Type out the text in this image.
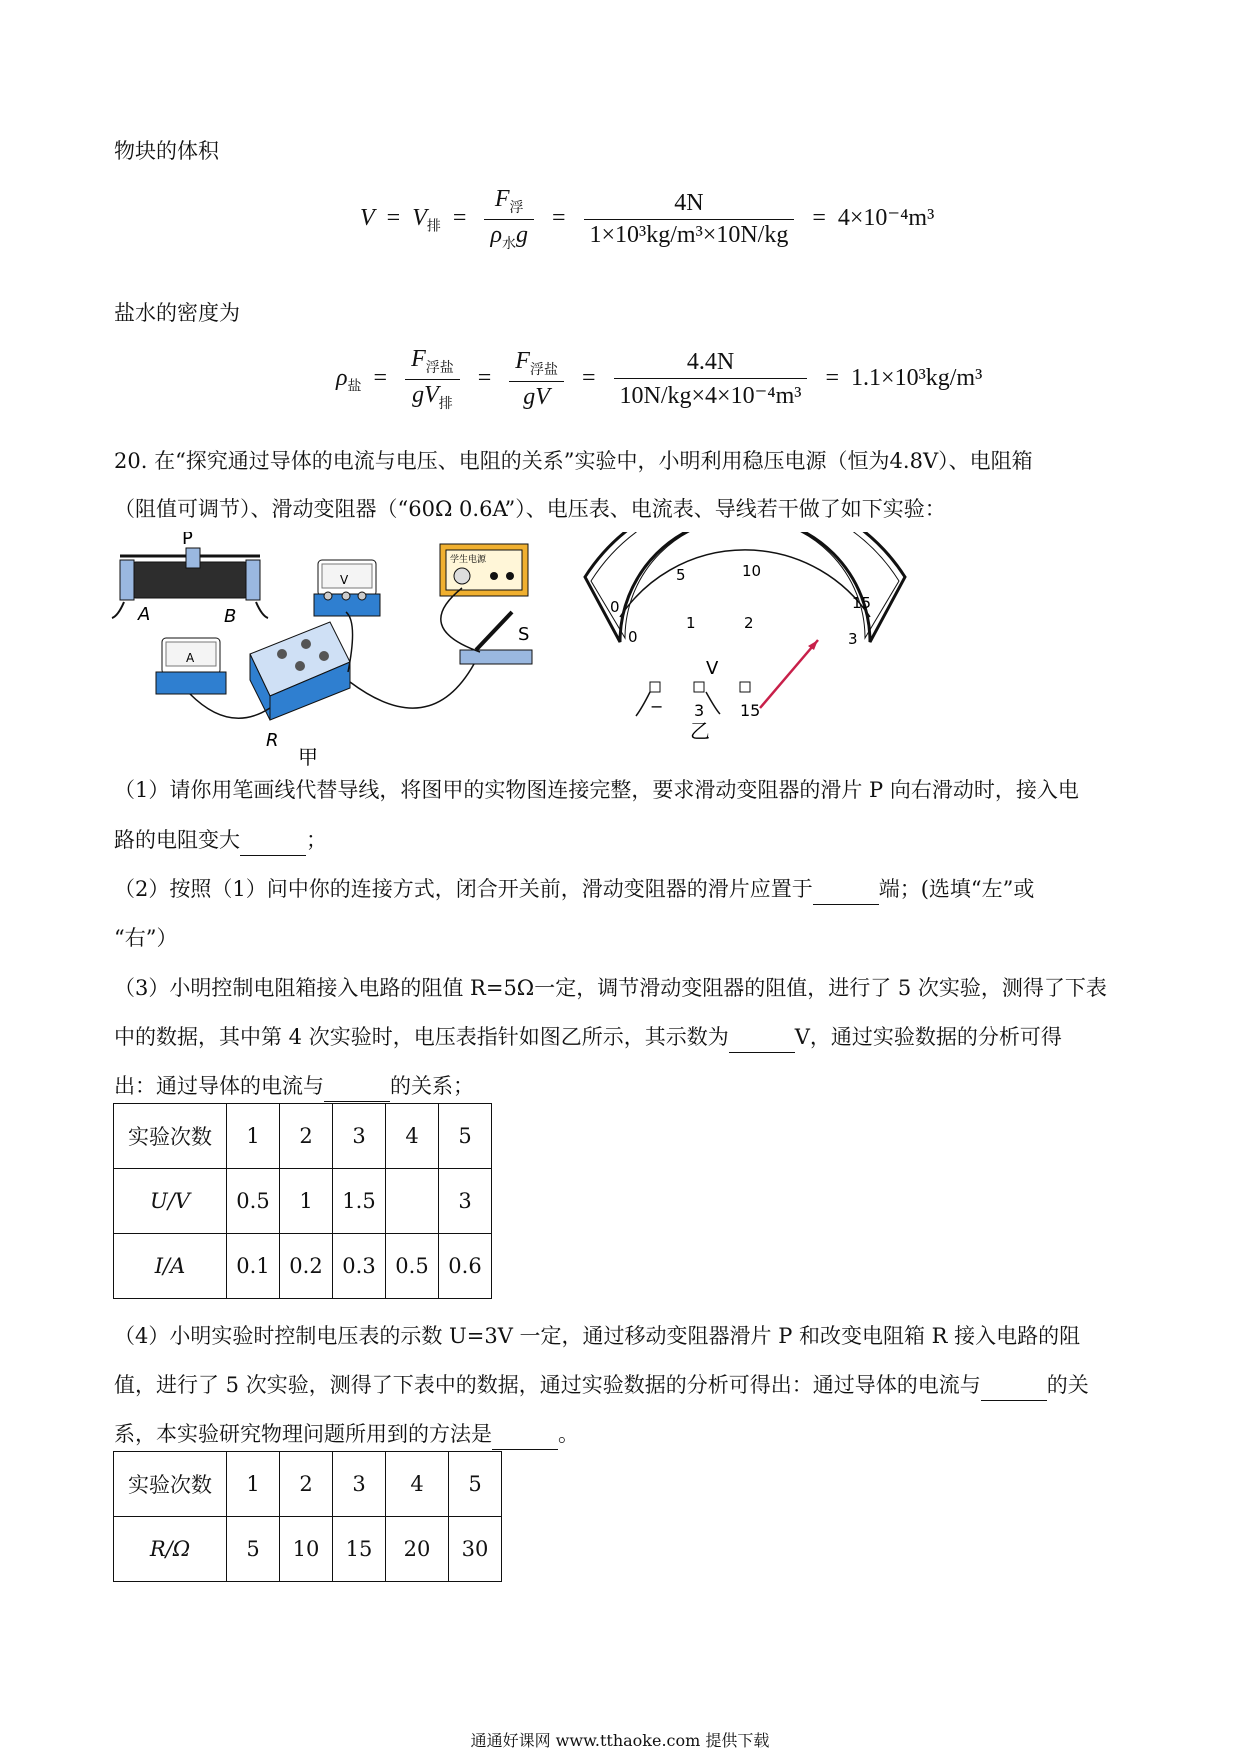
物块的体积
$V = V_排 = \frac{F_浮}{\rho_水g} = \frac{4N}{\text{1×10³kg/m³×10N/kg}} = 4\times 10^{-4}m^3$
盐水的密度为
$\rho_盐 = \frac{F_{浮盐}}{gV_排} = \frac{F_{浮盐}}{gV} = \frac{4.4N}{\text{10N/kg×4×10⁻⁴m³}} = 1.1\times 10^3kg/m^3$
20. 在“探究通过导体的电流与电压、电阻的关系”实验中，小明利用稳压电源（恒为4.8V）、电阻箱
（阻值可调节）、滑动变阻器（“60Ω 0.6A”）、电压表、电流表、导线若干做了如下实验：
P
A	B
V
学生电源
S
A
R
甲
0
5	10
15
0
1	2
3
V
− 3 15
乙
（1）请你用笔画线代替导线，将图甲的实物图连接完整，要求滑动变阻器的滑片 P 向右滑动时，接入电
路的电阻变大	；
（2）按照（1）问中你的连接方式，闭合开关前，滑动变阻器的滑片应置于	端；(选填“左”或
“右”）
（3）小明控制电阻箱接入电路的阻值 R=5Ω一定，调节滑动变阻器的阻值，进行了 5 次实验，测得了下表
中的数据，其中第 4 次实验时，电压表指针如图乙所示，其示数为	V，通过实验数据的分析可得
出：通过导体的电流与	的关系；
实验次数	1	2	3	4	5
U/V	0.5	1	1.5		3
I/A	0.1	0.2	0.3	0.5	0.6
（4）小明实验时控制电压表的示数 U=3V 一定，通过移动变阻器滑片 P 和改变电阻箱 R 接入电路的阻
值，进行了 5 次实验，测得了下表中的数据，通过实验数据的分析可得出：通过导体的电流与	的关
系，本实验研究物理问题所用到的方法是	。
实验次数	1	2	3	4	5
R/Ω	5	10	15	20	30
通通好课网 www.tthaoke.com 提供下载
